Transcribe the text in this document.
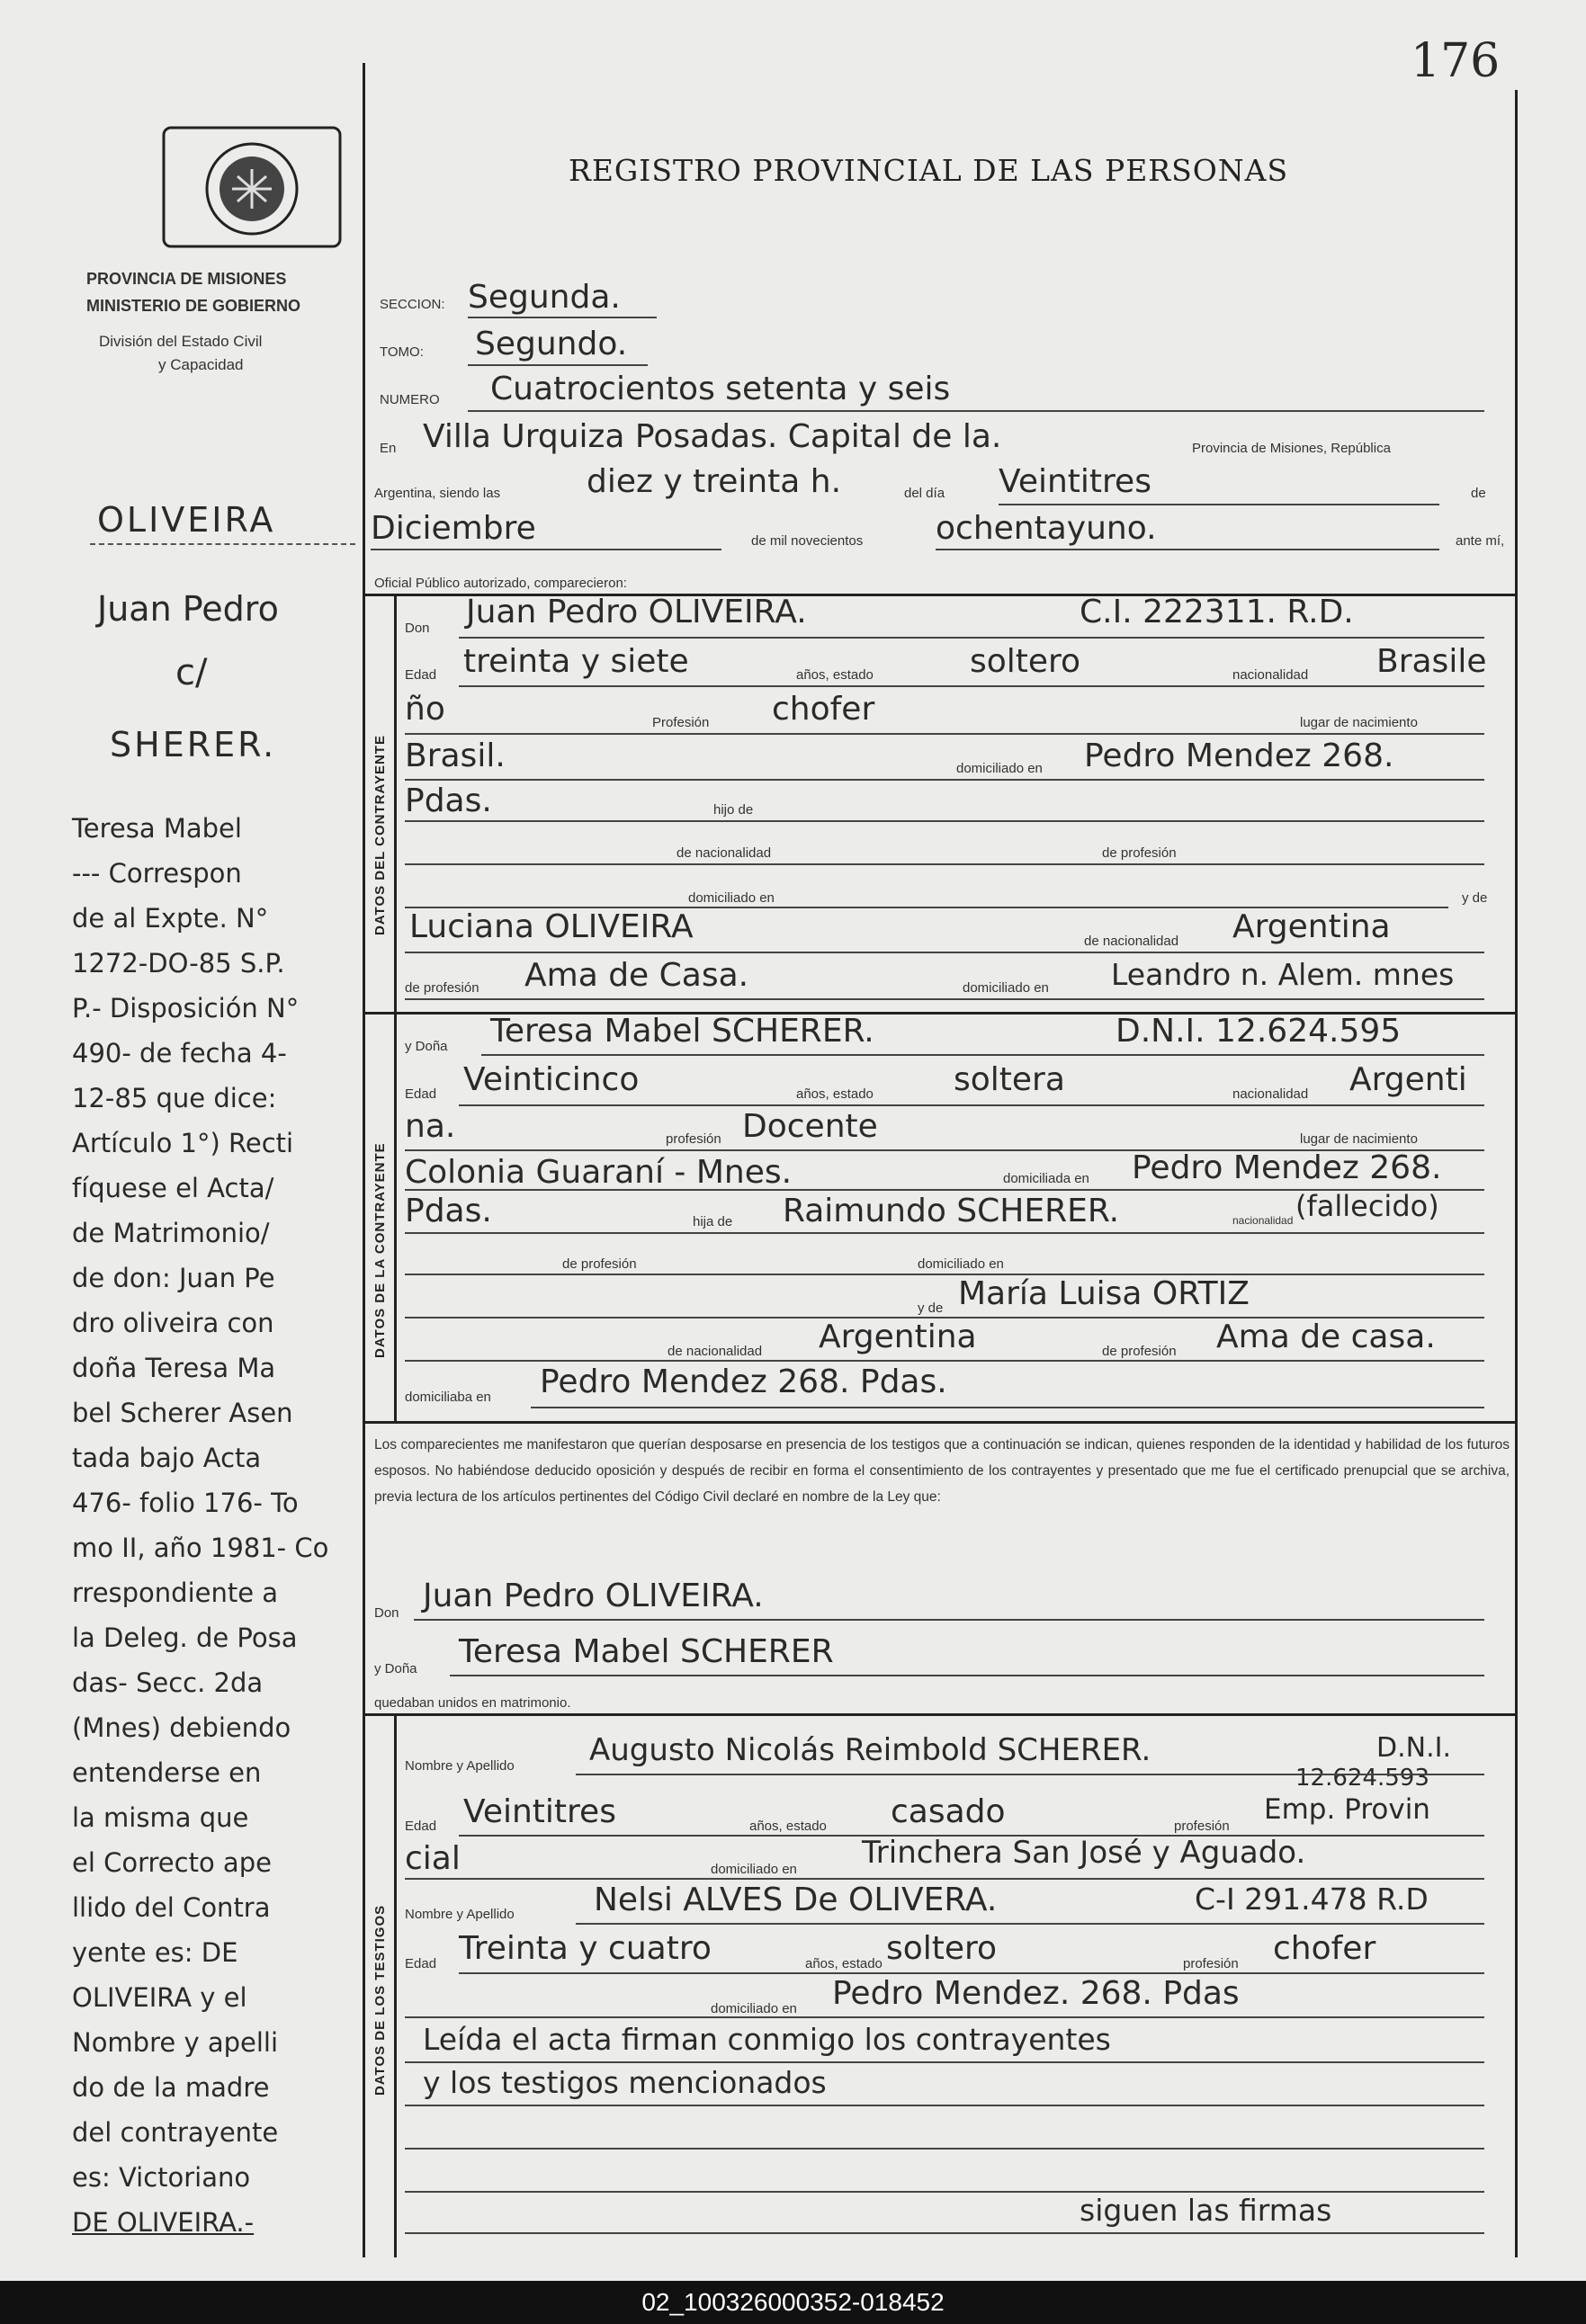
176
REGISTRO PROVINCIAL DE LAS PERSONAS
PROVINCIA DE MISIONES
MINISTERIO DE GOBIERNO
División del Estado Civil
y Capacidad
SECCION: Segunda.
TOMO: Segundo.
NUMERO Cuatrocientos setenta y seis
En Villa Urquiza Posadas. Capital de la.	Provincia de Misiones, República
Argentina, siendo las	diez y treinta h.	del día Veintitres	de
Diciembre	de mil novecientos ochentayuno.	ante mí,
Oficial Público autorizado, comparecieron:
DATOS DEL CONTRAYENTE
Don Juan Pedro OLIVEIRA.	C.I. 222311. R.D.
Edad treinta y siete	años, estado	soltero	nacionalidad Brasile
ño	Profesión chofer	lugar de nacimiento
Brasil.	domiciliado en Pedro Mendez 268.
Pdas.	hijo de
de nacionalidad	de profesión
domiciliado en	y de
Luciana OLIVEIRA	de nacionalidad Argentina
de profesión Ama de Casa.	domiciliado en Leandro n. Alem. mnes
DATOS DE LA CONTRAYENTE
y Doña Teresa Mabel SCHERER.	D.N.I. 12.624.595
Edad Veinticinco	años, estado soltera	nacionalidad Argenti
na.	profesión Docente	lugar de nacimiento
Colonia Guaraní - Mnes.	domiciliada en Pedro Mendez 268.
Pdas.	hija de Raimundo SCHERER.	nacionalidad (fallecido)
de profesión	domiciliado en
y de María Luisa ORTIZ
de nacionalidad Argentina	de profesión Ama de casa.
domiciliaba en Pedro Mendez 268. Pdas.
Los comparecientes me manifestaron que querían desposarse en presencia de los testigos que a continuación se indican, quienes responden de la identidad y habilidad de los futuros esposos. No habiéndose deducido oposición y después de recibir en forma el consentimiento de los contrayentes y presentado que me fue el certificado prenupcial que se archiva, previa lectura de los artículos pertinentes del Código Civil declaré en nombre de la Ley que:
Don Juan Pedro OLIVEIRA.
y Doña Teresa Mabel SCHERER
quedaban unidos en matrimonio.
DATOS DE LOS TESTIGOS
Nombre y Apellido Augusto Nicolás Reimbold SCHERER.	D.N.I.
12.624.593
Edad Veintitres	años, estado casado	profesión
Emp. Provin
cial	domiciliado en Trinchera San José y Aguado.
Nombre y Apellido Nelsi ALVES De OLIVERA.	C-I 291.478 R.D
Edad Treinta y cuatro	años, estado soltero	profesión chofer
domiciliado en Pedro Mendez. 268. Pdas
Leída el acta firman conmigo los contrayentes
y los testigos mencionados
siguen las firmas
OLIVEIRA
Juan Pedro
c/
SHERER.
Teresa Mabel
--- Correspon
de al Expte. N°
1272-DO-85 S.P.
P.- Disposición N°
490- de fecha 4-
12-85 que dice:
Artículo 1°) Recti
fíquese el Acta/
de Matrimonio/
de don: Juan Pe
dro oliveira con
doña Teresa Ma
bel Scherer Asen
tada bajo Acta
476- folio 176- To
mo II, año 1981- Co
rrespondiente a
la Deleg. de Posa
das- Secc. 2da
(Mnes) debiendo
entenderse en
la misma que
el Correcto ape
llido del Contra
yente es: DE
OLIVEIRA y el
Nombre y apelli
do de la madre
del contrayente
es: Victoriano
DE OLIVEIRA.-
02_100326000352-018452
